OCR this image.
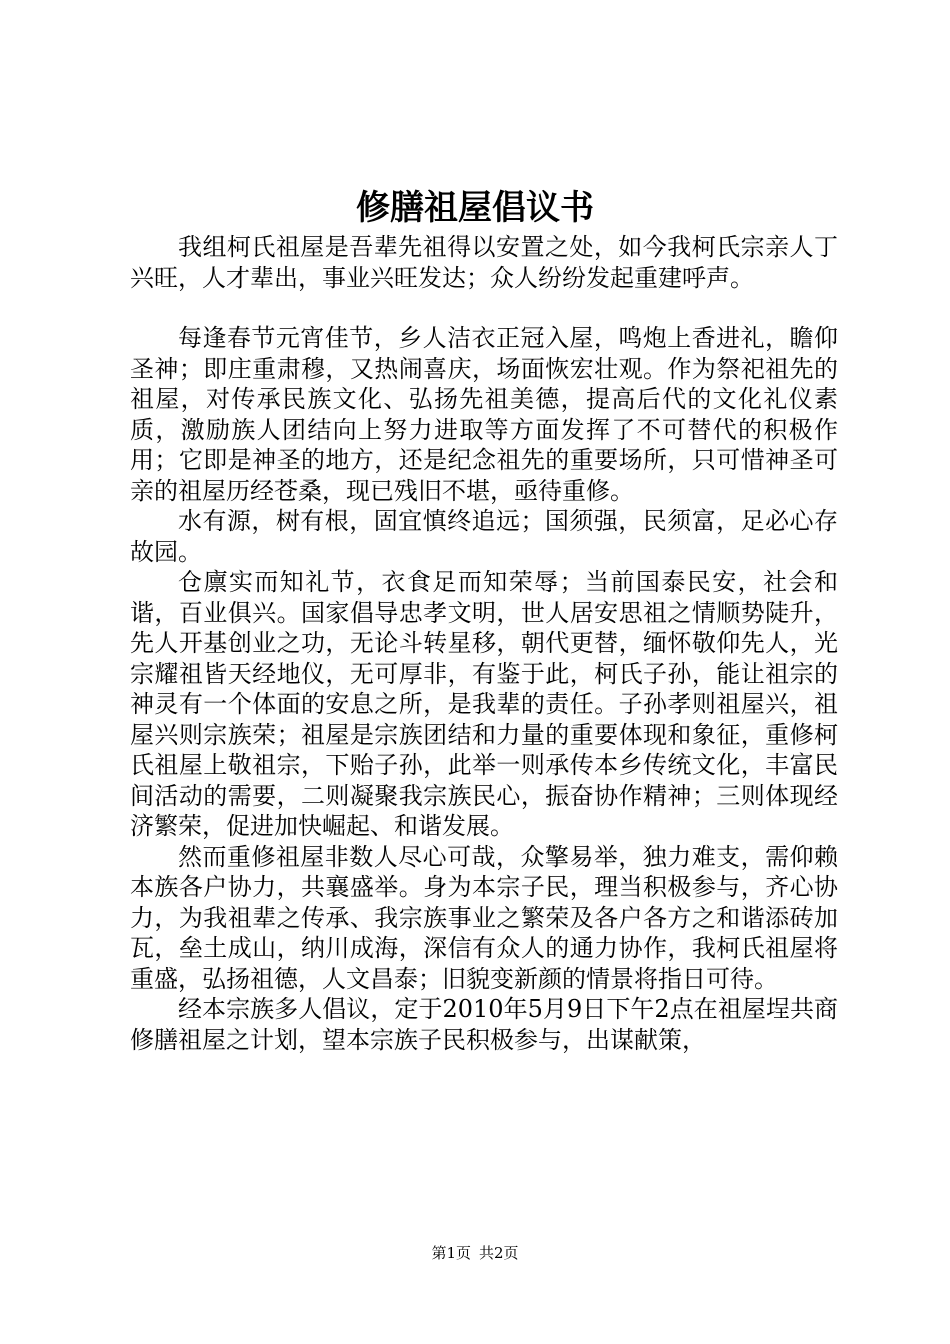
修膳祖屋倡议书

我组柯氏祖屋是吾辈先祖得以安置之处，如今我柯氏宗亲人丁兴旺，人才辈出，事业兴旺发达；众人纷纷发起重建呼声。

每逢春节元宵佳节，乡人洁衣正冠入屋，鸣炮上香进礼，瞻仰圣神；即庄重肃穆，又热闹喜庆，场面恢宏壮观。作为祭祀祖先的祖屋，对传承民族文化、弘扬先祖美德，提高后代的文化礼仪素质，激励族人团结向上努力进取等方面发挥了不可替代的积极作用；它即是神圣的地方，还是纪念祖先的重要场所，只可惜神圣可亲的祖屋历经苍桑，现已残旧不堪，亟待重修。

水有源，树有根，固宜慎终追远；国须强，民须富，足必心存故园。

仓廪实而知礼节，衣食足而知荣辱；当前国泰民安，社会和谐，百业俱兴。国家倡导忠孝文明，世人居安思祖之情顺势陡升，先人开基创业之功，无论斗转星移，朝代更替，缅怀敬仰先人，光宗耀祖皆天经地仪，无可厚非，有鉴于此，柯氏子孙，能让祖宗的神灵有一个体面的安息之所，是我辈的责任。子孙孝则祖屋兴，祖屋兴则宗族荣；祖屋是宗族团结和力量的重要体现和象征，重修柯氏祖屋上敬祖宗，下贻子孙，此举一则承传本乡传统文化，丰富民间活动的需要，二则凝聚我宗族民心，振奋协作精神；三则体现经济繁荣，促进加快崛起、和谐发展。

然而重修祖屋非数人尽心可哉，众擎易举，独力难支，需仰赖本族各户协力，共襄盛举。身为本宗子民，理当积极参与，齐心协力，为我祖辈之传承、我宗族事业之繁荣及各户各方之和谐添砖加瓦，垒土成山，纳川成海，深信有众人的通力协作，我柯氏祖屋将重盛，弘扬祖德，人文昌泰；旧貌变新颜的情景将指日可待。

经本宗族多人倡议，定于2010年5月9日下午2点在祖屋埕共商修膳祖屋之计划，望本宗族子民积极参与，出谋献策，

第1页 共2页
